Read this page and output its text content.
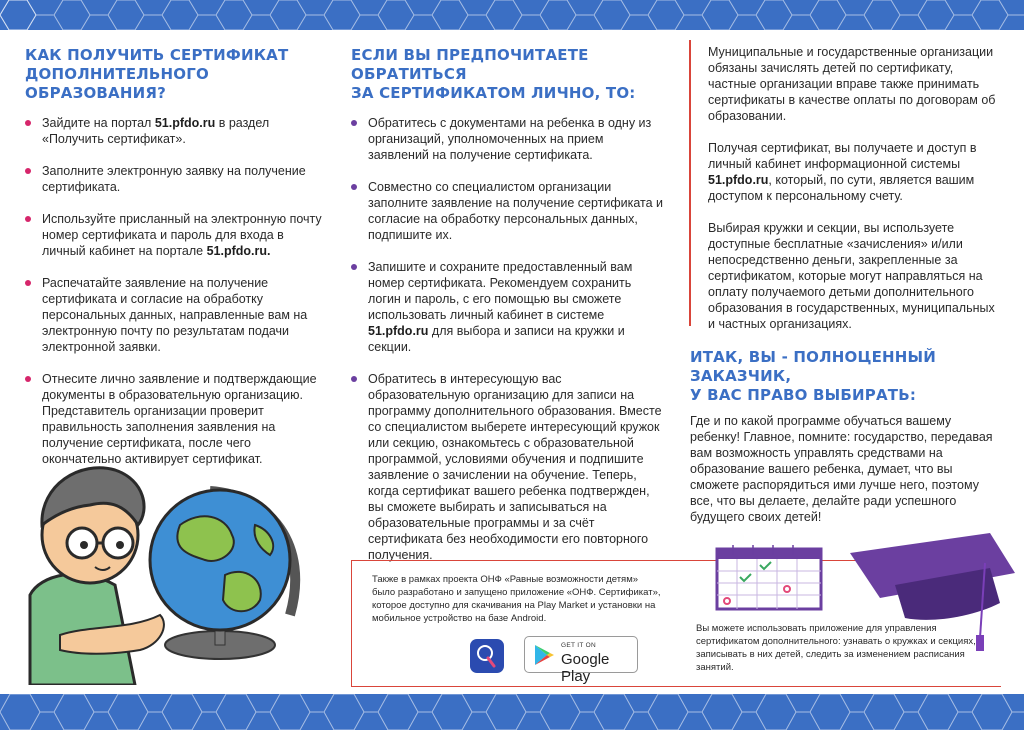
КАК ПОЛУЧИТЬ СЕРТИФИКАТ
ДОПОЛНИТЕЛЬНОГО ОБРАЗОВАНИЯ?
Зайдите на портал 51.pfdo.ru в раздел «Получить сертификат».
Заполните электронную заявку на получение сертификата.
Используйте присланный на электронную почту номер сертификата и пароль для входа в личный кабинет на портале 51.pfdo.ru.
Распечатайте заявление на получение сертификата и согласие на обработку персональных данных, направленные вам на электронную почту по результатам подачи электронной заявки.
Отнесите лично заявление и подтверждающие документы в образовательную организацию. Представитель организации проверит правильность заполнения заявления на получение сертификата, после чего окончательно активирует сертификат.
ЕСЛИ ВЫ ПРЕДПОЧИТАЕТЕ ОБРАТИТЬСЯ
ЗА СЕРТИФИКАТОМ ЛИЧНО, ТО:
Обратитесь с документами на ребенка в одну из организаций, уполномоченных на прием заявлений на получение сертификата.
Совместно со специалистом организации заполните заявление на получение сертификата и согласие на обработку персональных данных, подпишите их.
Запишите и сохраните предоставленный вам номер сертификата. Рекомендуем сохранить логин и пароль, с его помощью вы сможете использовать личный кабинет в системе 51.pfdo.ru для выбора и записи на кружки и секции.
Обратитесь в интересующую вас образовательную организацию для записи на программу дополнительного образования. Вместе со специалистом выберете интересующий кружок или секцию, ознакомьтесь с образовательной программой, условиями обучения и подпишите заявление о зачислении на обучение. Теперь, когда сертификат вашего ребенка подтвержден, вы сможете выбирать и записываться на образовательные программы и за счёт сертификата без необходимости его повторного получения.

Муниципальные и государственные организации обязаны зачислять детей по сертификату, частные организации вправе также принимать сертификаты в качестве оплаты по договорам об образовании.

Получая сертификат, вы получаете и доступ в личный кабинет информационной системы 51.pfdo.ru, который, по сути, является вашим доступом к персональному счету.

Выбирая кружки и секции, вы используете доступные бесплатные «зачисления» и/или непосредственно деньги, закрепленные за сертификатом, которые могут направляться на оплату получаемого детьми дополнительного образования в государственных, муниципальных и частных организациях.

ИТАК, ВЫ - ПОЛНОЦЕННЫЙ ЗАКАЗЧИК,
У ВАС ПРАВО ВЫБИРАТЬ:

Где и по какой программе обучаться вашему ребенку! Главное, помните: государство, передавая вам возможность управлять средствами на образование вашего ребенка, думает, что вы сможете распорядиться ими лучше него, поэтому все, что вы делаете, делайте ради успешного будущего своих детей!

Также в рамках проекта ОНФ «Равные возможности детям» было разработано и запущено приложение «ОНФ. Сертификат», которое доступно для скачивания на Play Market и установки на мобильное устройство на базе Android.
GET IT ON
Google Play
Вы можете использовать приложение для управления сертификатом дополнительного: узнавать о кружках и секциях, записывать в них детей, следить за изменением расписания занятий.
